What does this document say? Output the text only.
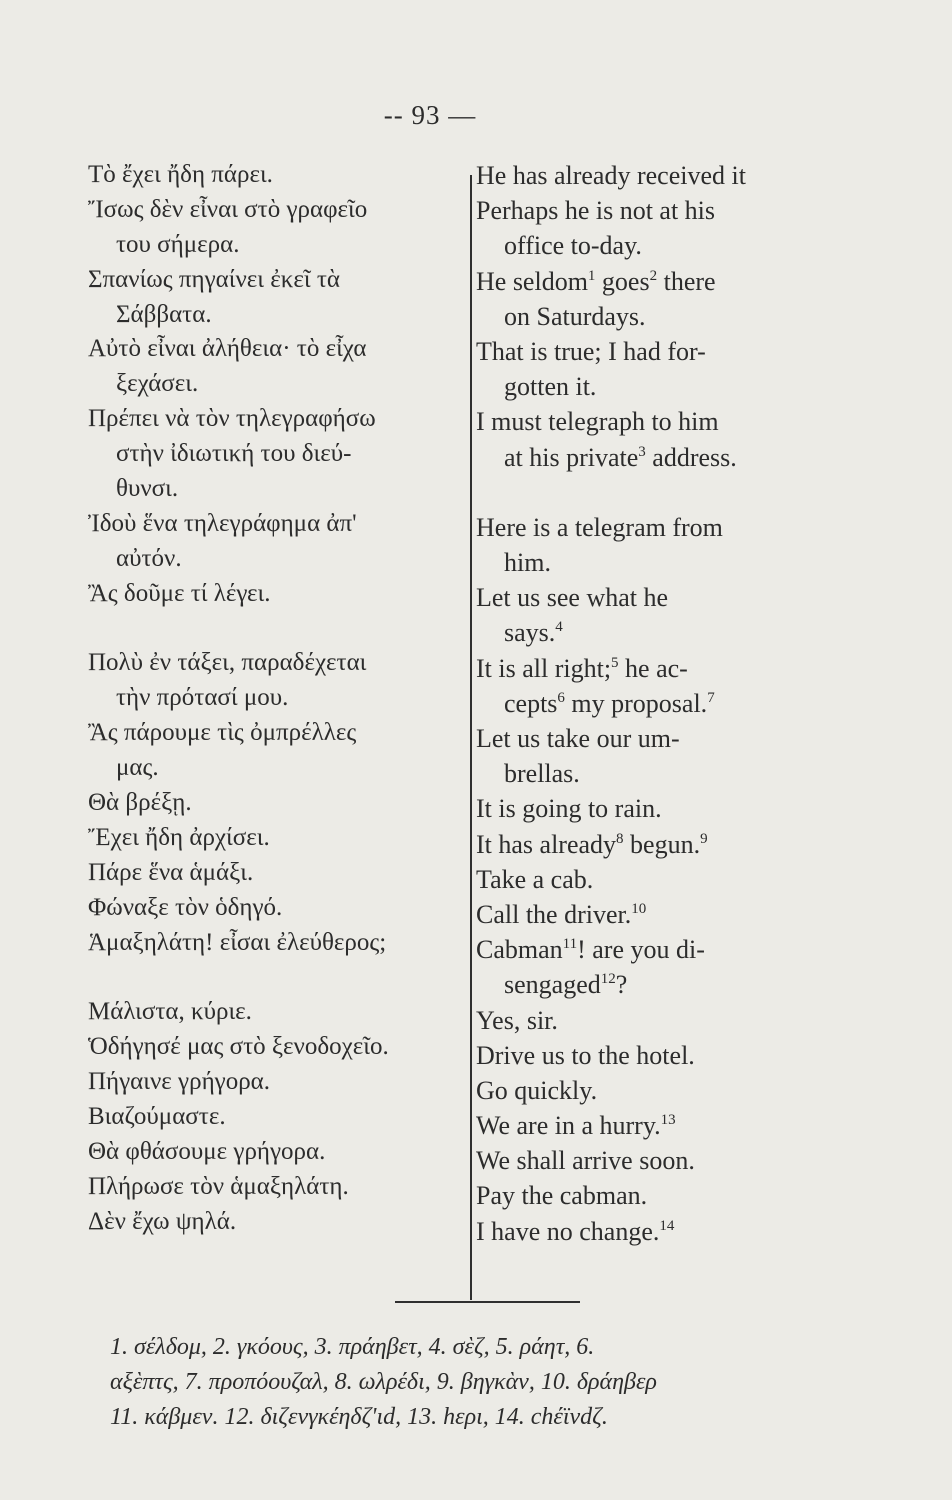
-- 93 —
Τὸ ἔχει ἤδη πάρει.
Ἴσως δὲν εἶναι στὸ γραφεῖο
του σήμερα.
Σπανίως πηγαίνει ἐκεῖ τὰ
Σάββατα.
Αὐτὸ εἶναι ἀλήθεια· τὸ εἶχα
ξεχάσει.
Πρέπει νὰ τὸν τηλεγραφήσω
στὴν ἰδιωτική του διεύ-
θυνσι.
Ἰδοὺ ἕνα τηλεγράφημα ἀπ'
αὐτόν.
Ἂς δοῦμε τί λέγει.
Πολὺ ἐν τάξει, παραδέχεται
τὴν πρότασί μου.
Ἂς πάρουμε τὶς ὀμπρέλλες
μας.
Θὰ βρέξῃ.
Ἔχει ἤδη ἀρχίσει.
Πάρε ἕνα ἁμάξι.
Φώναξε τὸν ὁδηγό.
Ἁμαξηλάτη! εἶσαι ἐλεύθερος;
Μάλιστα, κύριε.
Ὁδήγησέ μας στὸ ξενοδοχεῖο.
Πήγαινε γρήγορα.
Βιαζούμαστε.
Θὰ φθάσουμε γρήγορα.
Πλήρωσε τὸν ἁμαξηλάτη.
Δὲν ἔχω ψηλά.
He has already received it
Perhaps he is not at his
office to-day.
He seldom$^1$ goes$^2$ there
on Saturdays.
That is true; I had for-
gotten it.
I must telegraph to him
at his private$^3$ address.
Here is a telegram from
him.
Let us see what he
says.$^4$
It is all right;$^5$ he ac-
cepts$^6$ my proposal.$^7$
Let us take our um-
brellas.
It is going to rain.
It has already$^8$ begun.$^9$
Take a cab.
Call the driver.$^{10}$
Cabman$^{11}$! are you di-
sengaged$^{12}$?
Yes, sir.
Drive us to the hotel.
Go quickly.
We are in a hurry.$^{13}$
We shall arrive soon.
Pay the cabman.
I have no change.$^{14}$
1. σέλδομ, 2. γκόους, 3. πράηβετ, 4. σὲζ, 5. ράητ, 6.
αξὲπτς, 7. προπόουζαλ, 8. ωλρέδι, 9. βηγκὰν, 10. δράηβερ
11. κάβμεν. 12. διζενγκέηδζ'ιd, 13. hερι, 14. chέϊνdζ.
